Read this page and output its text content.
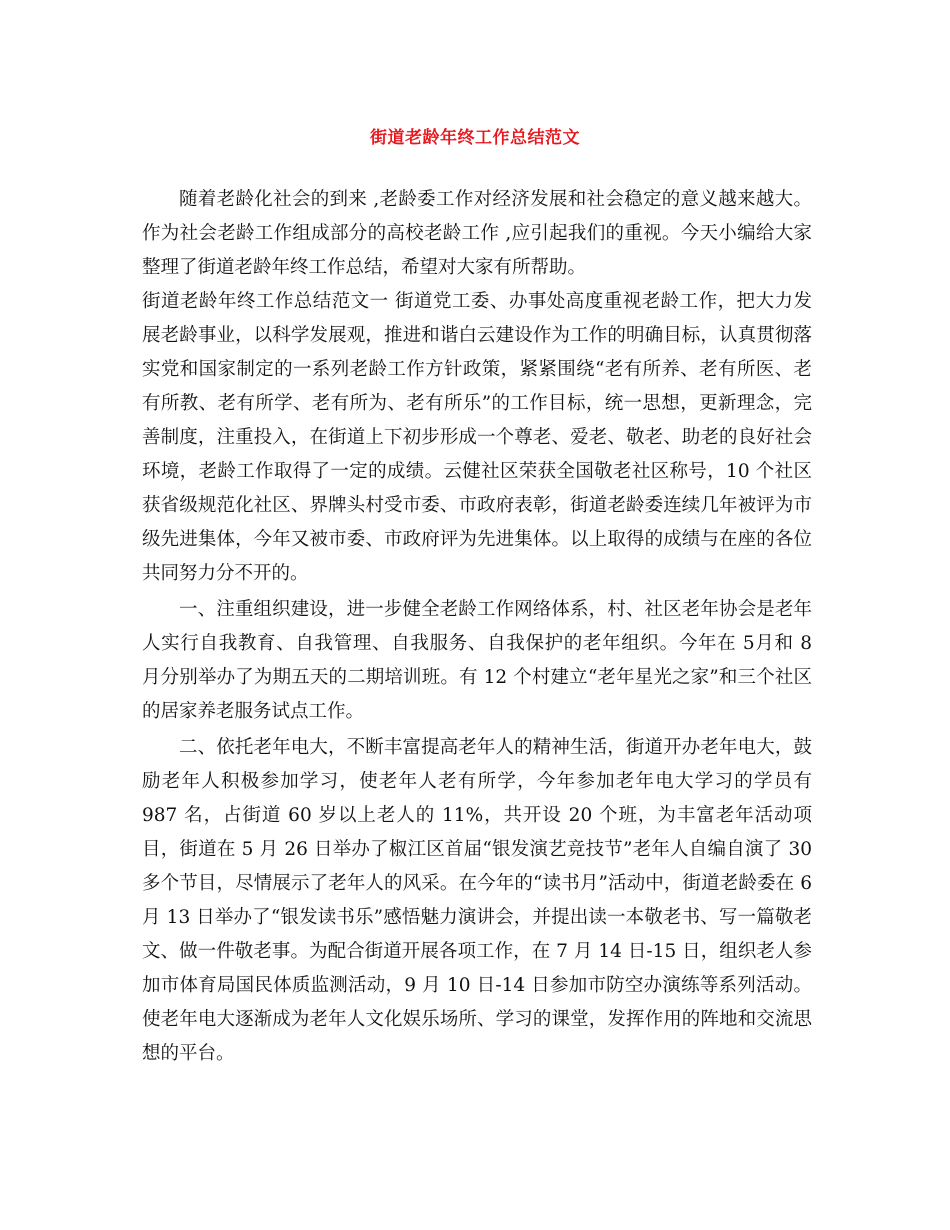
街道老龄年终工作总结范文

随着老龄化社会的到来 ,老龄委工作对经济发展和社会稳定的意义越来越大。作为社会老龄工作组成部分的高校老龄工作 ,应引起我们的重视。今天小编给大家整理了街道老龄年终工作总结，希望对大家有所帮助。

街道老龄年终工作总结范文一 街道党工委、办事处高度重视老龄工作，把大力发展老龄事业，以科学发展观，推进和谐白云建设作为工作的明确目标，认真贯彻落实党和国家制定的一系列老龄工作方针政策，紧紧围绕“老有所养、老有所医、老有所教、老有所学、老有所为、老有所乐”的工作目标，统一思想，更新理念，完善制度，注重投入，在街道上下初步形成一个尊老、爱老、敬老、助老的良好社会环境，老龄工作取得了一定的成绩。云健社区荣获全国敬老社区称号，10 个社区获省级规范化社区、界牌头村受市委、市政府表彰，街道老龄委连续几年被评为市级先进集体，今年又被市委、市政府评为先进集体。以上取得的成绩与在座的各位共同努力分不开的。

一、注重组织建设，进一步健全老龄工作网络体系，村、社区老年协会是老年人实行自我教育、自我管理、自我服务、自我保护的老年组织。今年在 5月和 8 月分别举办了为期五天的二期培训班。有 12 个村建立“老年星光之家”和三个社区的居家养老服务试点工作。

二、依托老年电大，不断丰富提高老年人的精神生活，街道开办老年电大，鼓励老年人积极参加学习，使老年人老有所学，今年参加老年电大学习的学员有 987 名，占街道 60 岁以上老人的 11%，共开设 20 个班，为丰富老年活动项目，街道在 5 月 26 日举办了椒江区首届“银发演艺竞技节”老年人自编自演了 30 多个节目，尽情展示了老年人的风采。在今年的“读书月”活动中，街道老龄委在 6 月 13 日举办了“银发读书乐”感悟魅力演讲会，并提出读一本敬老书、写一篇敬老文、做一件敬老事。为配合街道开展各项工作，在 7 月 14 日-15 日，组织老人参加市体育局国民体质监测活动，9 月 10 日-14 日参加市防空办演练等系列活动。使老年电大逐渐成为老年人文化娱乐场所、学习的课堂，发挥作用的阵地和交流思想的平台。
